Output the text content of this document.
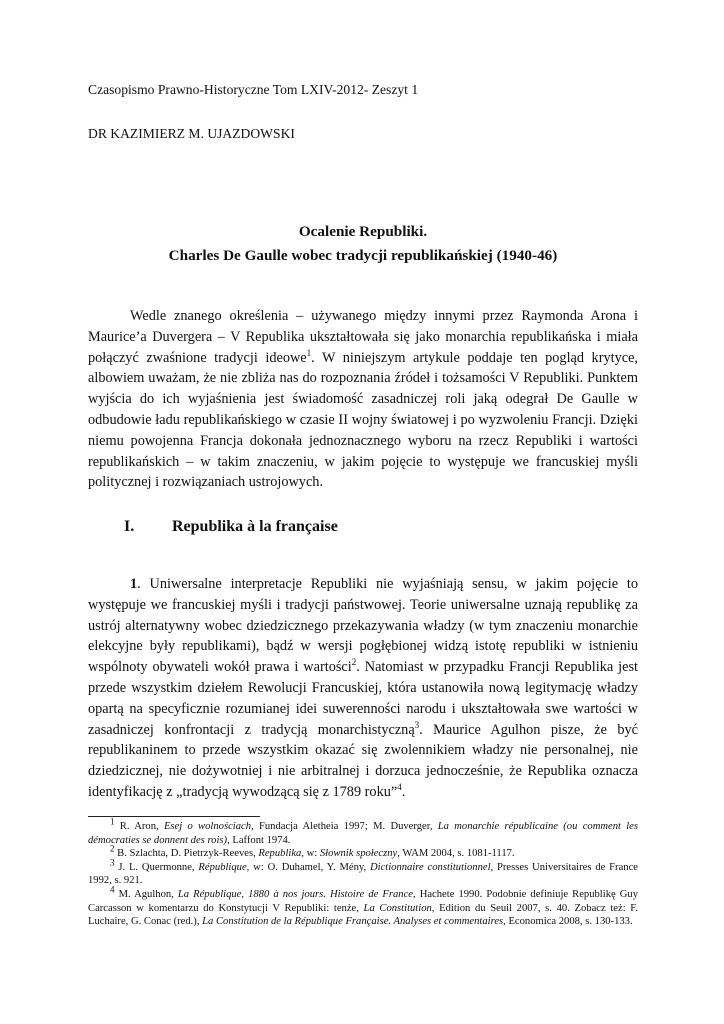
Czasopismo Prawno-Historyczne Tom LXIV-2012- Zeszyt 1
DR KAZIMIERZ M. UJAZDOWSKI
Ocalenie Republiki.
Charles De Gaulle wobec tradycji republikańskiej (1940-46)

Wedle znanego określenia – używanego między innymi przez Raymonda Arona i Maurice’a Duvergera – V Republika ukształtowała się jako monarchia republikańska i miała połączyć zwaśnione tradycji ideowe$^1$. W niniejszym artykule poddaje ten pogląd krytyce, albowiem uważam, że nie zbliża nas do rozpoznania źródeł i tożsamości V Republiki. Punktem wyjścia do ich wyjaśnienia jest świadomość zasadniczej roli jaką odegrał De Gaulle w odbudowie ładu republikańskiego w czasie II wojny światowej i po wyzwoleniu Francji. Dzięki niemu powojenna Francja dokonała jednoznacznego wyboru na rzecz Republiki i wartości republikańskich – w takim znaczeniu, w jakim pojęcie to występuje we francuskiej myśli politycznej i rozwiązaniach ustrojowych.

I. Republika à la française

1. Uniwersalne interpretacje Republiki nie wyjaśniają sensu, w jakim pojęcie to występuje we francuskiej myśli i tradycji państwowej. Teorie uniwersalne uznają republikę za ustrój alternatywny wobec dziedzicznego przekazywania władzy (w tym znaczeniu monarchie elekcyjne były republikami), bądź w wersji pogłębionej widzą istotę republiki w istnieniu wspólnoty obywateli wokół prawa i wartości$^2$. Natomiast w przypadku Francji Republika jest przede wszystkim dziełem Rewolucji Francuskiej, która ustanowiła nową legitymację władzy opartą na specyficznie rozumianej idei suwerenności narodu i ukształtowała swe wartości w zasadniczej konfrontacji z tradycją monarchistyczną$^3$. Maurice Agulhon pisze, że być republikaninem to przede wszystkim okazać się zwolennikiem władzy nie personalnej, nie dziedzicznej, nie dożywotniej i nie arbitralnej i dorzuca jednocześnie, że Republika oznacza identyfikację z „tradycją wywodzącą się z 1789 roku”$^4$.

$^1$ R. Aron, Esej o wolnościach, Fundacja Aletheia 1997; M. Duverger, La monarchie républicaine (ou comment les démocraties se donnent des rois), Laffont 1974.

$^2$ B. Szlachta, D. Pietrzyk-Reeves, Republika, w: Słownik społeczny, WAM 2004, s. 1081-1117.

$^3$ J. L. Quermonne, République, w: O. Duhamel, Y. Mény, Dictionnaire constitutionnel, Presses Universitaires de France 1992, s. 921.

$^4$ M. Agulhon, La République, 1880 à nos jours. Histoire de France, Hachete 1990. Podobnie definiuje Republikę Guy Carcasson w komentarzu do Konstytucji V Republiki: tenże, La Constitution, Edition du Seuil 2007, s. 40. Zobacz też: F. Luchaire, G. Conac (red.), La Constitution de la République Française. Analyses et commentaires, Economica 2008, s. 130-133.
